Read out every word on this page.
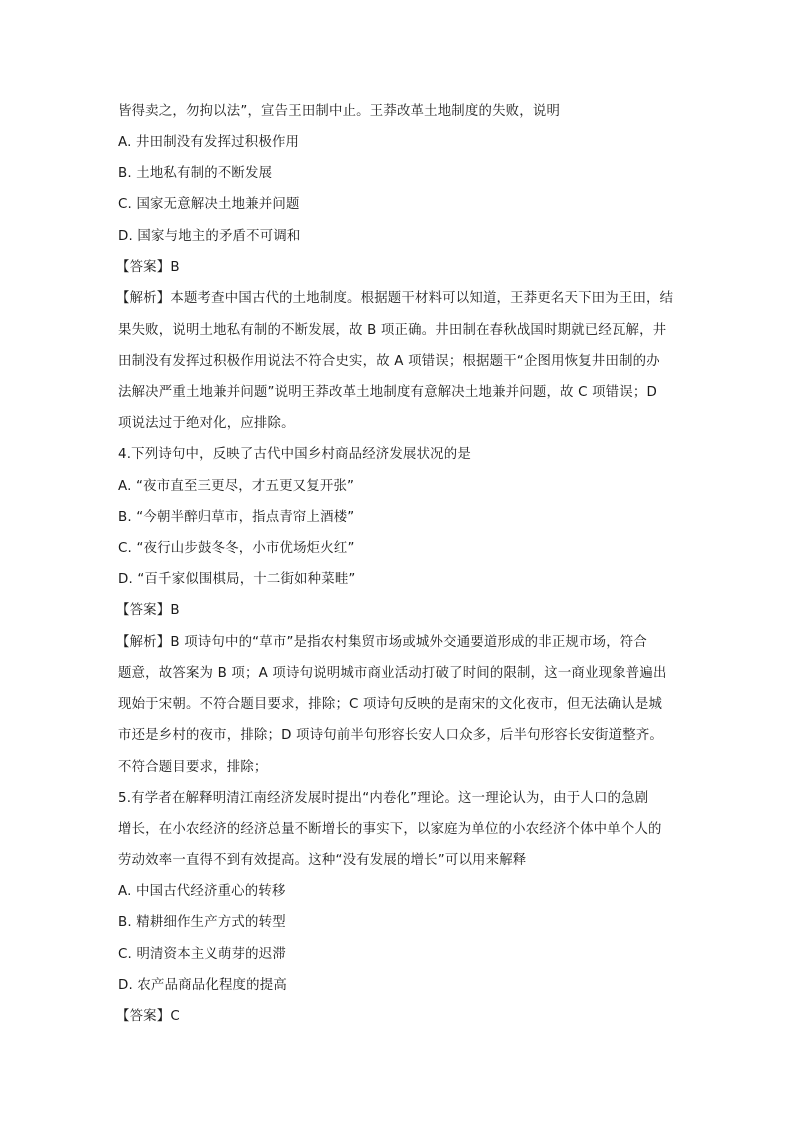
皆得卖之，勿拘以法”，宣告王田制中止。王莽改革土地制度的失败，说明
A. 井田制没有发挥过积极作用
B. 土地私有制的不断发展
C. 国家无意解决土地兼并问题
D. 国家与地主的矛盾不可调和
【答案】B
【解析】本题考查中国古代的土地制度。根据题干材料可以知道，王莽更名天下田为王田，结
果失败，说明土地私有制的不断发展，故 B 项正确。井田制在春秋战国时期就已经瓦解，井
田制没有发挥过积极作用说法不符合史实，故 A 项错误；根据题干“企图用恢复井田制的办
法解决严重土地兼并问题”说明王莽改革土地制度有意解决土地兼并问题，故 C 项错误；D
项说法过于绝对化，应排除。
4.下列诗句中，反映了古代中国乡村商品经济发展状况的是
A. “夜市直至三更尽，才五更又复开张”
B. “今朝半醉归草市，指点青帘上酒楼”
C. “夜行山步鼓冬冬，小市优场炬火红”
D. “百千家似围棋局，十二街如种菜畦”
【答案】B
【解析】B 项诗句中的“草市”是指农村集贸市场或城外交通要道形成的非正规市场，符合
题意，故答案为 B 项；A 项诗句说明城市商业活动打破了时间的限制，这一商业现象普遍出
现始于宋朝。不符合题目要求，排除；C 项诗句反映的是南宋的文化夜市，但无法确认是城
市还是乡村的夜市，排除；D 项诗句前半句形容长安人口众多，后半句形容长安街道整齐。
不符合题目要求，排除；
5.有学者在解释明清江南经济发展时提出“内卷化”理论。这一理论认为，由于人口的急剧
增长，在小农经济的经济总量不断增长的事实下，以家庭为单位的小农经济个体中单个人的
劳动效率一直得不到有效提高。这种“没有发展的增长”可以用来解释
A. 中国古代经济重心的转移
B. 精耕细作生产方式的转型
C. 明清资本主义萌芽的迟滞
D. 农产品商品化程度的提高
【答案】C
